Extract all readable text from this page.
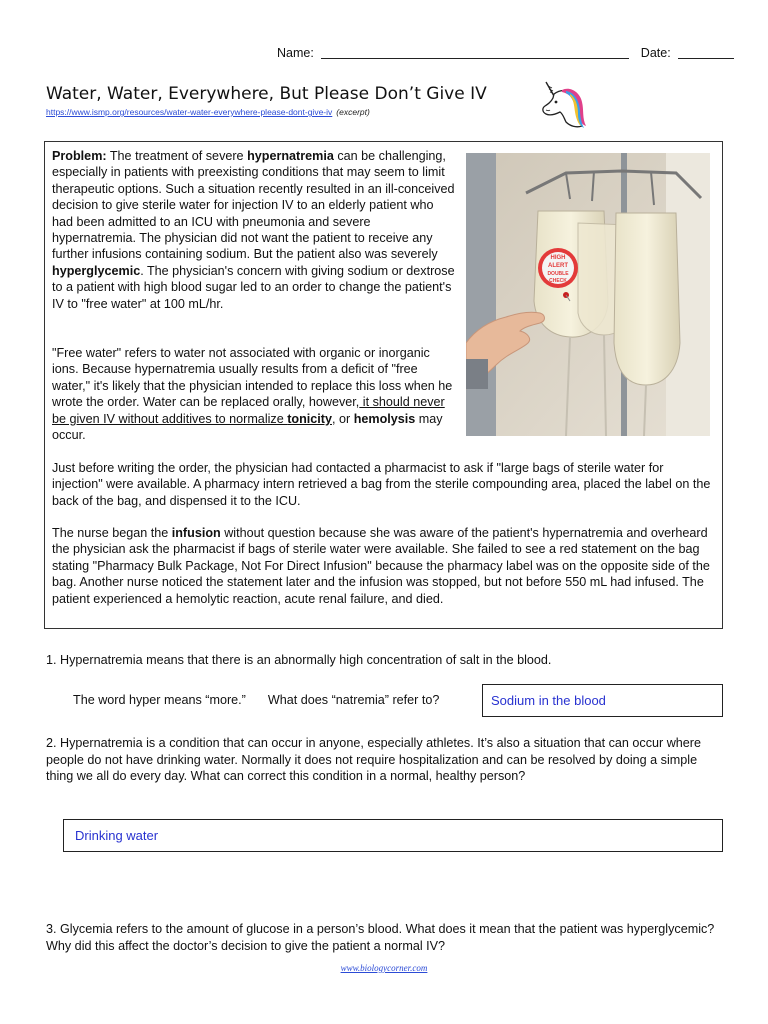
Name:	Date:
Water, Water, Everywhere, But Please Don’t Give IV
https://www.ismp.org/resources/water-water-everywhere-please-dont-give-iv (excerpt)
Problem: The treatment of severe hypernatremia can be challenging, especially in patients with preexisting conditions that may seem to limit therapeutic options. Such a situation recently resulted in an ill-conceived decision to give sterile water for injection IV to an elderly patient who had been admitted to an ICU with pneumonia and severe hypernatremia. The physician did not want the patient to receive any further infusions containing sodium. But the patient also was severely hyperglycemic. The physician's concern with giving sodium or dextrose to a patient with high blood sugar led to an order to change the patient's IV to "free water" at 100 mL/hr.
"Free water" refers to water not associated with organic or inorganic ions. Because hypernatremia usually results from a deficit of "free water," it's likely that the physician intended to replace this loss when he wrote the order. Water can be replaced orally, however, it should never be given IV without additives to normalize tonicity, or hemolysis may occur.
HIGH
ALERT
DOUBLE
CHECK
Just before writing the order, the physician had contacted a pharmacist to ask if "large bags of sterile water for injection" were available. A pharmacy intern retrieved a bag from the sterile compounding area, placed the label on the back of the bag, and dispensed it to the ICU.
The nurse began the infusion without question because she was aware of the patient's hypernatremia and overheard the physician ask the pharmacist if bags of sterile water were available. She failed to see a red statement on the bag stating "Pharmacy Bulk Package, Not For Direct Infusion" because the pharmacy label was on the opposite side of the bag. Another nurse noticed the statement later and the infusion was stopped, but not before 550 mL had infused. The patient experienced a hemolytic reaction, acute renal failure, and died.
1. Hypernatremia means that there is an abnormally high concentration of salt in the blood.
The word hyper means “more.” What does “natremia” refer to?	Sodium in the blood
2. Hypernatremia is a condition that can occur in anyone, especially athletes. It’s also a situation that can occur where people do not have drinking water. Normally it does not require hospitalization and can be resolved by doing a simple thing we all do every day. What can correct this condition in a normal, healthy person?
Drinking water
3. Glycemia refers to the amount of glucose in a person’s blood. What does it mean that the patient was hyperglycemic? Why did this affect the doctor’s decision to give the patient a normal IV?
www.biologycorner.com
